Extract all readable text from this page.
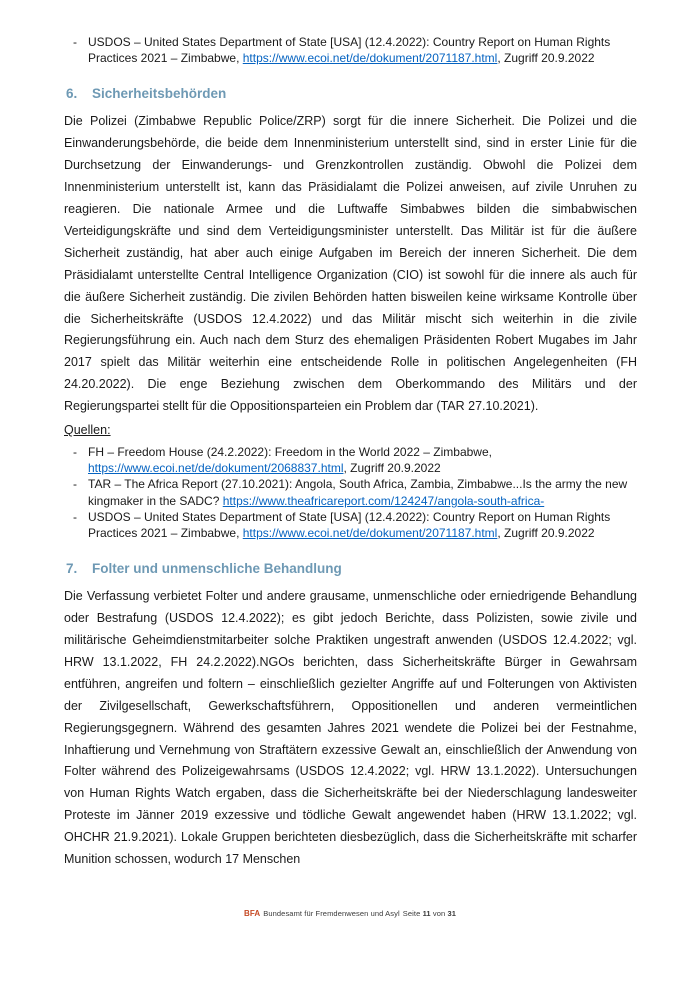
- USDOS – United States Department of State [USA] (12.4.2022): Country Report on Human Rights Practices 2021 – Zimbabwe, https://www.ecoi.net/de/dokument/2071187.html, Zugriff 20.9.2022
6.	Sicherheitsbehörden

Die Polizei (Zimbabwe Republic Police/ZRP) sorgt für die innere Sicherheit. Die Polizei und die Einwanderungsbehörde, die beide dem Innenministerium unterstellt sind, sind in erster Linie für die Durchsetzung der Einwanderungs- und Grenzkontrollen zuständig. Obwohl die Polizei dem Innenministerium unterstellt ist, kann das Präsidialamt die Polizei anweisen, auf zivile Unruhen zu reagieren. Die nationale Armee und die Luftwaffe Simbabwes bilden die simbabwischen Verteidigungskräfte und sind dem Verteidigungsminister unterstellt. Das Militär ist für die äußere Sicherheit zuständig, hat aber auch einige Aufgaben im Bereich der inneren Sicherheit. Die dem Präsidialamt unterstellte Central Intelligence Organization (CIO) ist sowohl für die innere als auch für die äußere Sicherheit zuständig. Die zivilen Behörden hatten bisweilen keine wirksame Kontrolle über die Sicherheitskräfte (USDOS 12.4.2022) und das Militär mischt sich weiterhin in die zivile Regierungsführung ein. Auch nach dem Sturz des ehemaligen Präsidenten Robert Mugabes im Jahr 2017 spielt das Militär weiterhin eine entscheidende Rolle in politischen Angelegenheiten (FH 24.20.2022). Die enge Beziehung zwischen dem Oberkommando des Militärs und der Regierungspartei stellt für die Oppositionsparteien ein Problem dar (TAR 27.10.2021).

Quellen:

- FH – Freedom House (24.2.2022): Freedom in the World 2022 – Zimbabwe, https://www.ecoi.net/de/dokument/2068837.html, Zugriff 20.9.2022
- TAR – The Africa Report (27.10.2021): Angola, South Africa, Zambia, Zimbabwe...Is the army the new kingmaker in the SADC? https://www.theafricareport.com/124247/angola-south-africa-
- USDOS – United States Department of State [USA] (12.4.2022): Country Report on Human Rights Practices 2021 – Zimbabwe, https://www.ecoi.net/de/dokument/2071187.html, Zugriff 20.9.2022
7.	Folter und unmenschliche Behandlung

Die Verfassung verbietet Folter und andere grausame, unmenschliche oder erniedrigende Behandlung oder Bestrafung (USDOS 12.4.2022); es gibt jedoch Berichte, dass Polizisten, sowie zivile und militärische Geheimdienstmitarbeiter solche Praktiken ungestraft anwenden (USDOS 12.4.2022; vgl. HRW 13.1.2022, FH 24.2.2022).NGOs berichten, dass Sicherheitskräfte Bürger in Gewahrsam entführen, angreifen und foltern – einschließlich gezielter Angriffe auf und Folterungen von Aktivisten der Zivilgesellschaft, Gewerkschaftsführern, Oppositionellen und anderen vermeintlichen Regierungsgegnern. Während des gesamten Jahres 2021 wendete die Polizei bei der Festnahme, Inhaftierung und Vernehmung von Straftätern exzessive Gewalt an, einschließlich der Anwendung von Folter während des Polizeigewahrsams (USDOS 12.4.2022; vgl. HRW 13.1.2022). Untersuchungen von Human Rights Watch ergaben, dass die Sicherheitskräfte bei der Niederschlagung landesweiter Proteste im Jänner 2019 exzessive und tödliche Gewalt angewendet haben (HRW 13.1.2022; vgl. OHCHR 21.9.2021). Lokale Gruppen berichteten diesbezüglich, dass die Sicherheitskräfte mit scharfer Munition schossen, wodurch 17 Menschen

BFA Bundesamt für Fremdenwesen und Asyl Seite 11 von 31
